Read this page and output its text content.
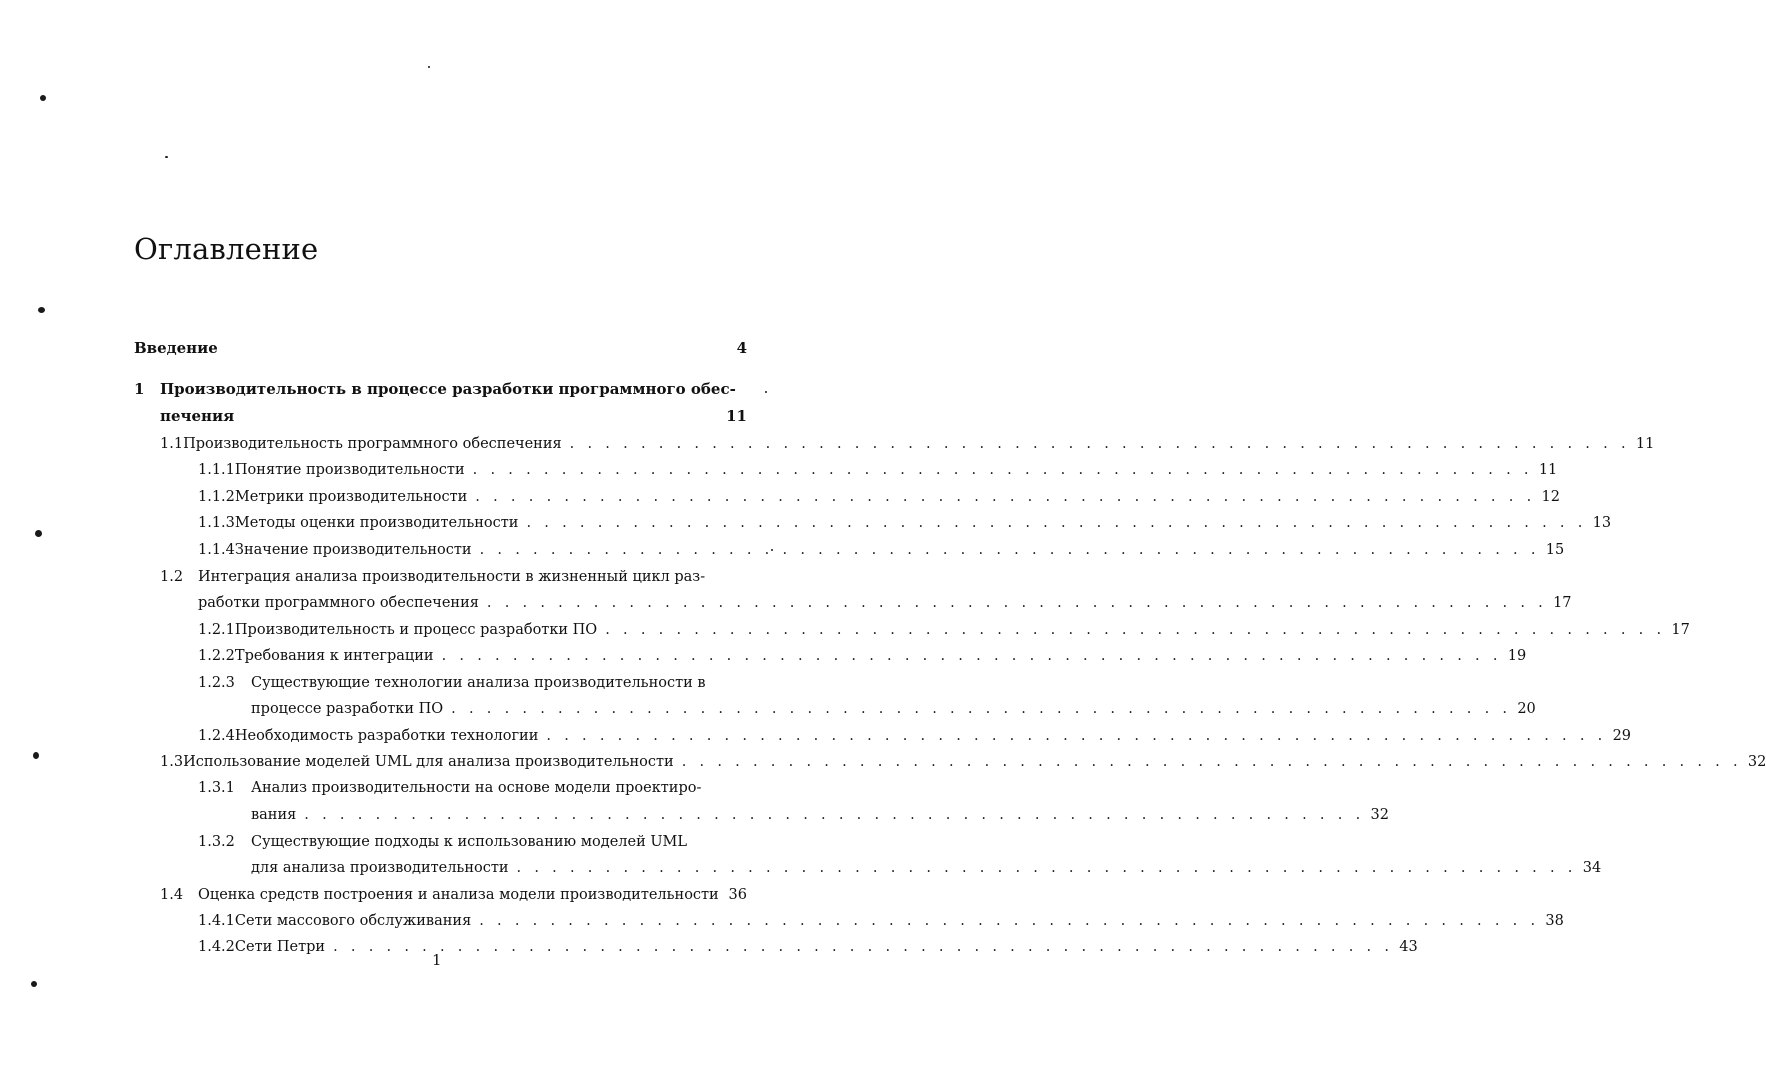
Оглавление
Введение	4
1	Производительность в процессе разработки программного обес-
печения	11
1.1 Производительность программного обеспечения . . .	11
1.1.1 Понятие производительности . . .	11
1.1.2 Метрики производительности . . .	12
1.1.3 Методы оценки производительности . . .	13
1.1.4 Значение производительности . . .	15
1.2	Интеграция анализа производительности в жизненный цикл раз-
работки программного обеспечения . . .	17
1.2.1 Производительность и процесс разработки ПО . . .	17
1.2.2 Требования к интеграции . . .	19
1.2.3	Существующие технологии анализа производительности в
процессе разработки ПО . . .	20
1.2.4 Необходимость разработки технологии . . .	29
1.3 Использование моделей UML для анализа производительности . . .	32
1.3.1	Анализ производительности на основе модели проектиро-
вания . . .	32
1.3.2	Существующие подходы к использованию моделей UML
для анализа производительности . . .	34
1.4	Оценка средств построения и анализа модели производительности 36
1.4.1 Сети массового обслуживания . . .	38
1.4.2 Сети Петри . . .	43
1
